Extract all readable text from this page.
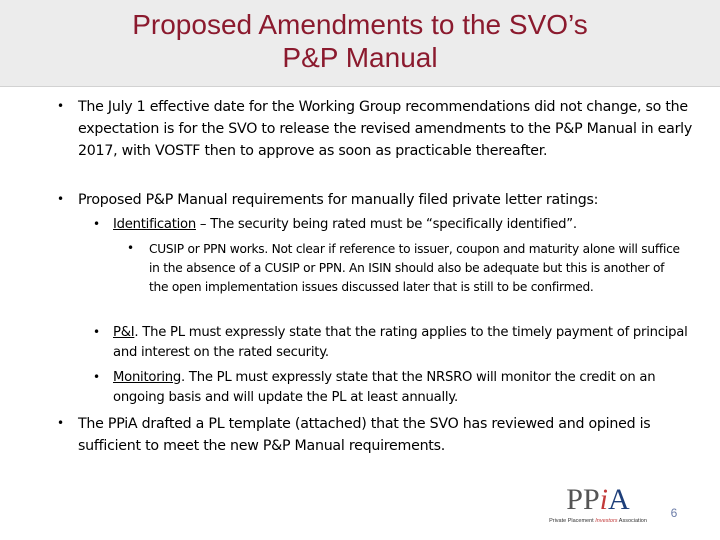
Proposed Amendments to the SVO’s
P&P Manual
• The July 1 effective date for the Working Group recommendations did not change, so the expectation is for the SVO to release the revised amendments to the P&P Manual in early 2017, with VOSTF then to approve as soon as practicable thereafter.
• Proposed P&P Manual requirements for manually filed private letter ratings:
• Identification – The security being rated must be “specifically identified”.
• CUSIP or PPN works. Not clear if reference to issuer, coupon and maturity alone will suffice in the absence of a CUSIP or PPN. An ISIN should also be adequate but this is another of the open implementation issues discussed later that is still to be confirmed.
• P&I. The PL must expressly state that the rating applies to the timely payment of principal and interest on the rated security.
• Monitoring. The PL must expressly state that the NRSRO will monitor the credit on an ongoing basis and will update the PL at least annually.
• The PPiA drafted a PL template (attached) that the SVO has reviewed and opined is sufficient to meet the new P&P Manual requirements.
PPiA
Private Placement Investors Association
6
